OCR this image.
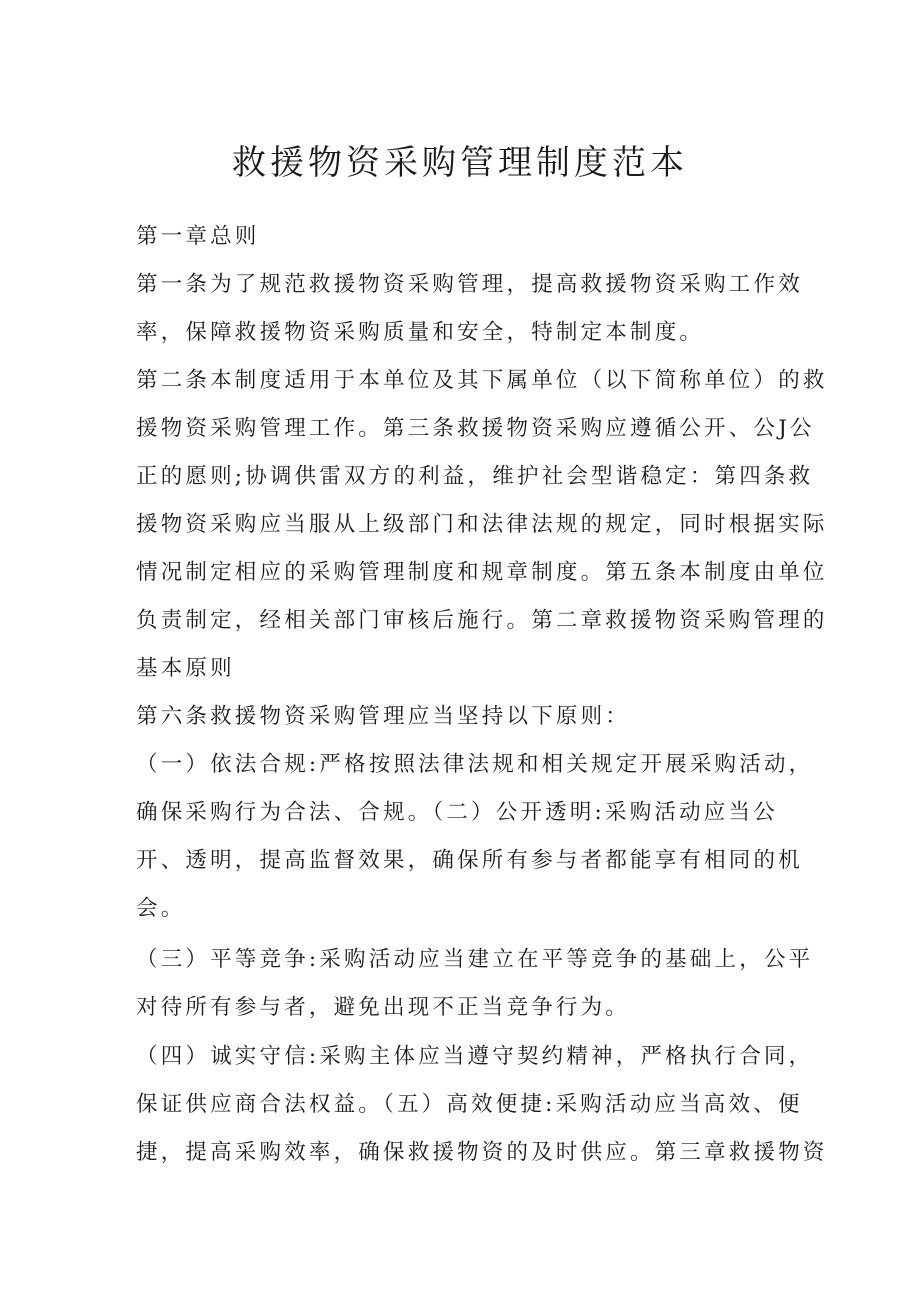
救援物资采购管理制度范本
第一章总则
第一条为了规范救援物资采购管理，提高救援物资采购工作效
率，保障救援物资采购质量和安全，特制定本制度。
第二条本制度适用于本单位及其下属单位（以下简称单位）的救
援物资采购管理工作。第三条救援物资采购应遵循公开、公J公
正的愿则;协调供雷双方的利益，维护社会型谐稳定：第四条救
援物资采购应当服从上级部门和法律法规的规定，同时根据实际
情况制定相应的采购管理制度和规章制度。第五条本制度由单位
负责制定，经相关部门审核后施行。第二章救援物资采购管理的
基本原则
第六条救援物资采购管理应当坚持以下原则：
（一）依法合规:严格按照法律法规和相关规定开展采购活动，
确保采购行为合法、合规。（二）公开透明:采购活动应当公
开、透明，提高监督效果，确保所有参与者都能享有相同的机
会。
（三）平等竞争:采购活动应当建立在平等竞争的基础上，公平
对待所有参与者，避免出现不正当竞争行为。
（四）诚实守信:采购主体应当遵守契约精神，严格执行合同，
保证供应商合法权益。（五）高效便捷:采购活动应当高效、便
捷，提高采购效率，确保救援物资的及时供应。第三章救援物资
